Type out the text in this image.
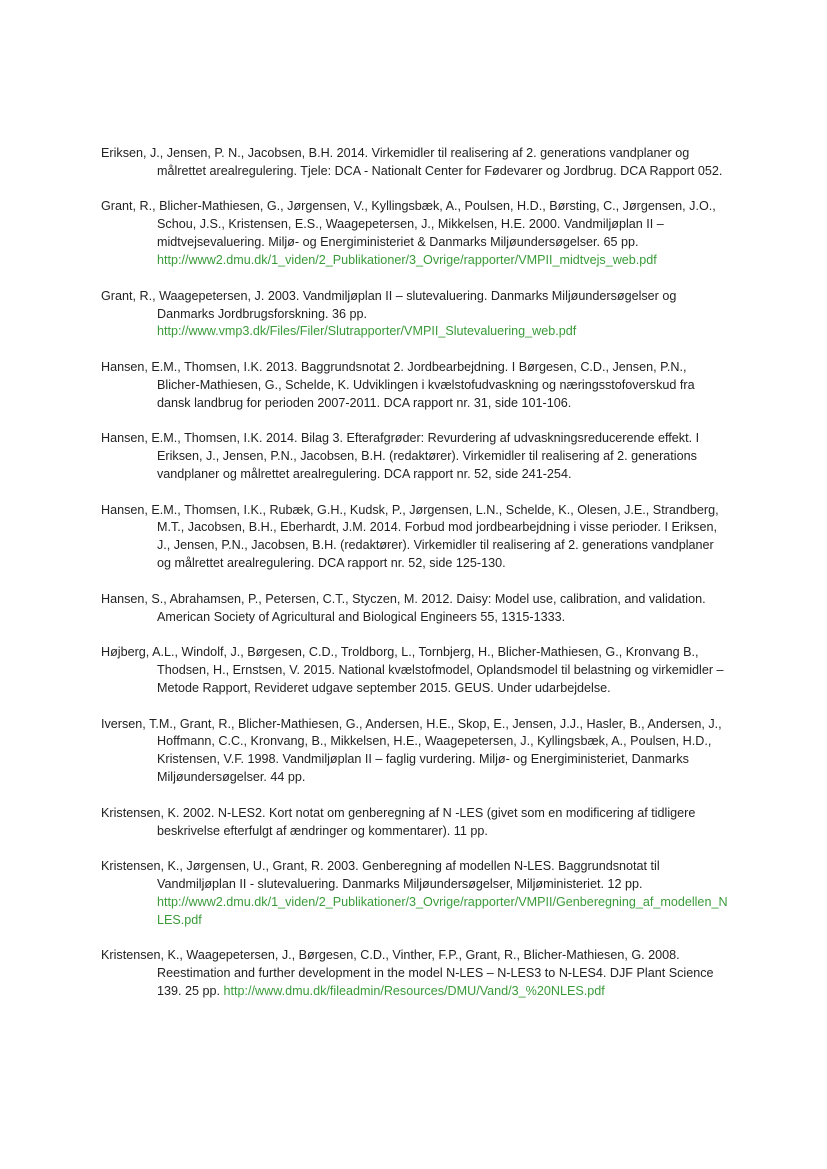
Eriksen, J., Jensen, P. N., Jacobsen, B.H. 2014. Virkemidler til realisering af 2. generations vandplaner og målrettet arealregulering. Tjele: DCA - Nationalt Center for Fødevarer og Jordbrug. DCA Rapport 052.

Grant, R., Blicher-Mathiesen, G., Jørgensen, V., Kyllingsbæk, A., Poulsen, H.D., Børsting, C., Jørgensen, J.O., Schou, J.S., Kristensen, E.S., Waagepetersen, J., Mikkelsen, H.E. 2000. Vandmiljøplan II – midtvejsevaluering. Miljø- og Energiministeriet & Danmarks Miljøundersøgelser. 65 pp.
http://www2.dmu.dk/1_viden/2_Publikationer/3_Ovrige/rapporter/VMPII_midtvejs_web.pdf

Grant, R., Waagepetersen, J. 2003. Vandmiljøplan II – slutevaluering. Danmarks Miljøundersøgelser og Danmarks Jordbrugsforskning. 36 pp.
http://www.vmp3.dk/Files/Filer/Slutrapporter/VMPII_Slutevaluering_web.pdf

Hansen, E.M., Thomsen, I.K. 2013. Baggrundsnotat 2. Jordbearbejdning. I Børgesen, C.D., Jensen, P.N., Blicher-Mathiesen, G., Schelde, K. Udviklingen i kvælstofudvaskning og næringsstofoverskud fra dansk landbrug for perioden 2007-2011. DCA rapport nr. 31, side 101-106.

Hansen, E.M., Thomsen, I.K. 2014. Bilag 3. Efterafgrøder: Revurdering af udvaskningsreducerende effekt. I Eriksen, J., Jensen, P.N., Jacobsen, B.H. (redaktører). Virkemidler til realisering af 2. generations vandplaner og målrettet arealregulering. DCA rapport nr. 52, side 241-254.

Hansen, E.M., Thomsen, I.K., Rubæk, G.H., Kudsk, P., Jørgensen, L.N., Schelde, K., Olesen, J.E., Strandberg, M.T., Jacobsen, B.H., Eberhardt, J.M. 2014. Forbud mod jordbearbejdning i visse perioder. I Eriksen, J., Jensen, P.N., Jacobsen, B.H. (redaktører). Virkemidler til realisering af 2. generations vandplaner og målrettet arealregulering. DCA rapport nr. 52, side 125-130.

Hansen, S., Abrahamsen, P., Petersen, C.T., Styczen, M. 2012. Daisy: Model use, calibration, and validation. American Society of Agricultural and Biological Engineers 55, 1315-1333.

Højberg, A.L., Windolf, J., Børgesen, C.D., Troldborg, L., Tornbjerg, H., Blicher-Mathiesen, G., Kronvang B., Thodsen, H., Ernstsen, V. 2015. National kvælstofmodel, Oplandsmodel til belastning og virkemidler – Metode Rapport, Revideret udgave september 2015. GEUS. Under udarbejdelse.

Iversen, T.M., Grant, R., Blicher-Mathiesen, G., Andersen, H.E., Skop, E., Jensen, J.J., Hasler, B., Andersen, J., Hoffmann, C.C., Kronvang, B., Mikkelsen, H.E., Waagepetersen, J., Kyllingsbæk, A., Poulsen, H.D., Kristensen, V.F. 1998. Vandmiljøplan II – faglig vurdering. Miljø- og Energiministeriet, Danmarks Miljøundersøgelser. 44 pp.

Kristensen, K. 2002. N-LES2. Kort notat om genberegning af N -LES (givet som en modificering af tidligere beskrivelse efterfulgt af ændringer og kommentarer). 11 pp.

Kristensen, K., Jørgensen, U., Grant, R. 2003. Genberegning af modellen N-LES. Baggrundsnotat til Vandmiljøplan II - slutevaluering. Danmarks Miljøundersøgelser, Miljøministeriet. 12 pp.
http://www2.dmu.dk/1_viden/2_Publikationer/3_Ovrige/rapporter/VMPII/Genberegning_af_modellen_NLES.pdf

Kristensen, K., Waagepetersen, J., Børgesen, C.D., Vinther, F.P., Grant, R., Blicher-Mathiesen, G. 2008. Reestimation and further development in the model N-LES – N-LES3 to N-LES4. DJF Plant Science 139. 25 pp. http://www.dmu.dk/fileadmin/Resources/DMU/Vand/3_%20NLES.pdf
